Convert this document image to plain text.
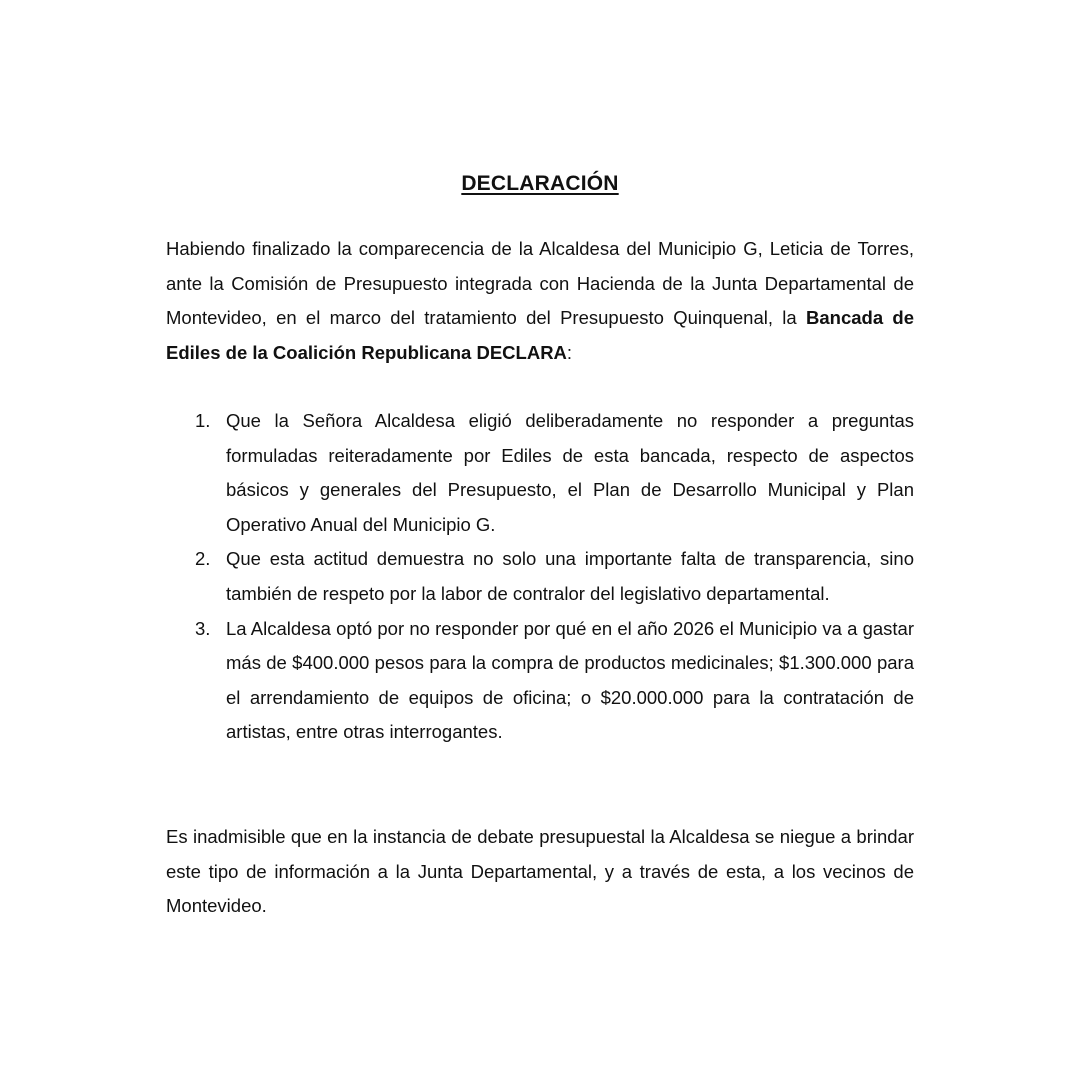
DECLARACIÓN

Habiendo finalizado la comparecencia de la Alcaldesa del Municipio G, Leticia de Torres, ante la Comisión de Presupuesto integrada con Hacienda de la Junta Departamental de Montevideo, en el marco del tratamiento del Presupuesto Quinquenal, la Bancada de Ediles de la Coalición Republicana DECLARA:

1. Que la Señora Alcaldesa eligió deliberadamente no responder a preguntas formuladas reiteradamente por Ediles de esta bancada, respecto de aspectos básicos y generales del Presupuesto, el Plan de Desarrollo Municipal y Plan Operativo Anual del Municipio G.
2. Que esta actitud demuestra no solo una importante falta de transparencia, sino también de respeto por la labor de contralor del legislativo departamental.
3. La Alcaldesa optó por no responder por qué en el año 2026 el Municipio va a gastar más de $400.000 pesos para la compra de productos medicinales; $1.300.000 para el arrendamiento de equipos de oficina; o $20.000.000 para la contratación de artistas, entre otras interrogantes.

Es inadmisible que en la instancia de debate presupuestal la Alcaldesa se niegue a brindar este tipo de información a la Junta Departamental, y a través de esta, a los vecinos de Montevideo.
